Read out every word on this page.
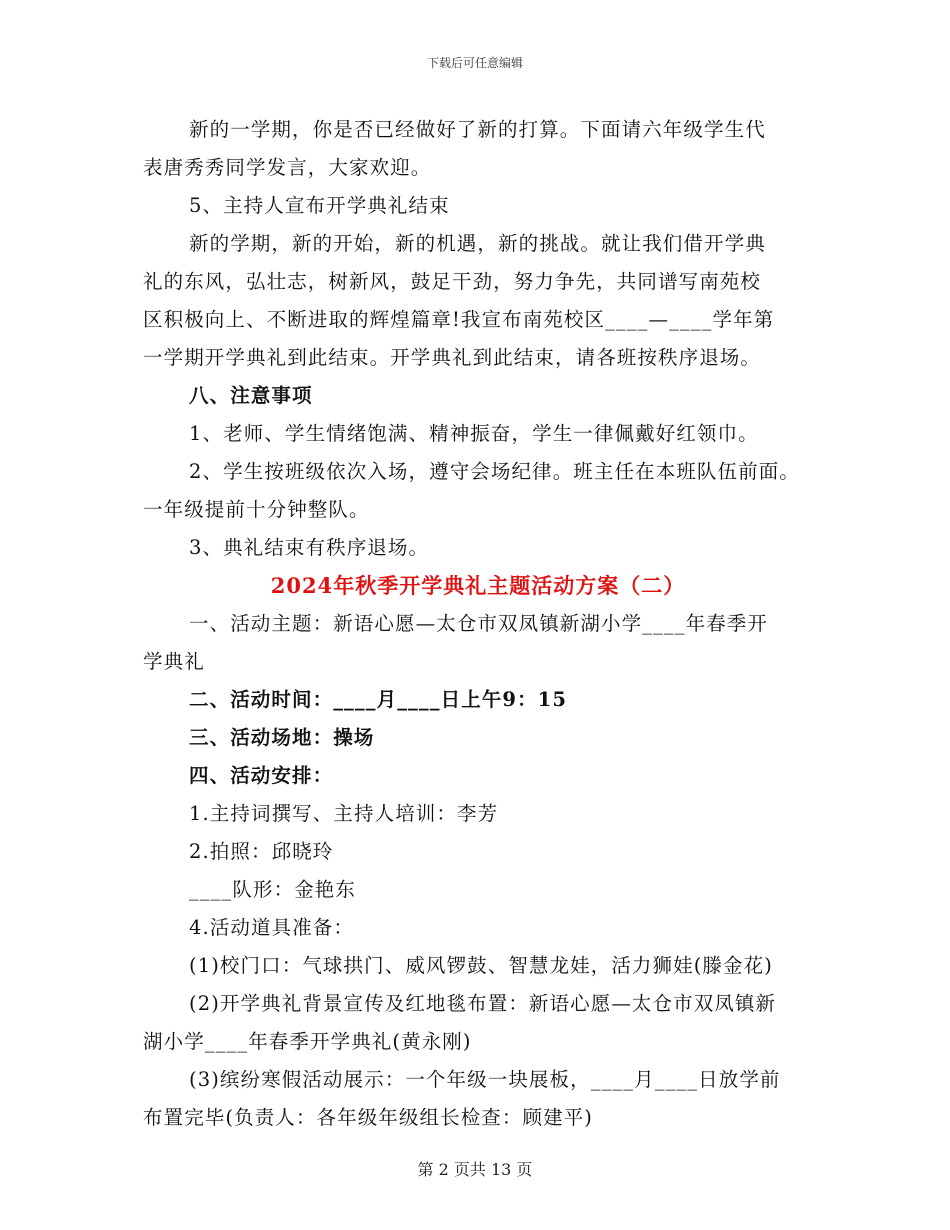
下载后可任意编辑

新的一学期，你是否已经做好了新的打算。下面请六年级学生代

表唐秀秀同学发言，大家欢迎。

5、主持人宣布开学典礼结束

新的学期，新的开始，新的机遇，新的挑战。就让我们借开学典

礼的东风，弘壮志，树新风，鼓足干劲，努力争先，共同谱写南苑校

区积极向上、不断进取的辉煌篇章!我宣布南苑校区____—____学年第

一学期开学典礼到此结束。开学典礼到此结束，请各班按秩序退场。

八、注意事项

1、老师、学生情绪饱满、精神振奋，学生一律佩戴好红领巾。

2、学生按班级依次入场，遵守会场纪律。班主任在本班队伍前面。

一年级提前十分钟整队。

3、典礼结束有秩序退场。

2024年秋季开学典礼主题活动方案（二）

一、活动主题：新语心愿—太仓市双凤镇新湖小学____年春季开

学典礼

二、活动时间：____月____日上午9：15

三、活动场地：操场

四、活动安排：

1.主持词撰写、主持人培训：李芳

2.拍照：邱晓玲

____队形：金艳东

4.活动道具准备：

(1)校门口：气球拱门、威风锣鼓、智慧龙娃，活力狮娃(滕金花)

(2)开学典礼背景宣传及红地毯布置：新语心愿—太仓市双凤镇新

湖小学____年春季开学典礼(黄永刚)

(3)缤纷寒假活动展示：一个年级一块展板，____月____日放学前

布置完毕(负责人：各年级年级组长检查：顾建平)

第 2 页共 13 页
